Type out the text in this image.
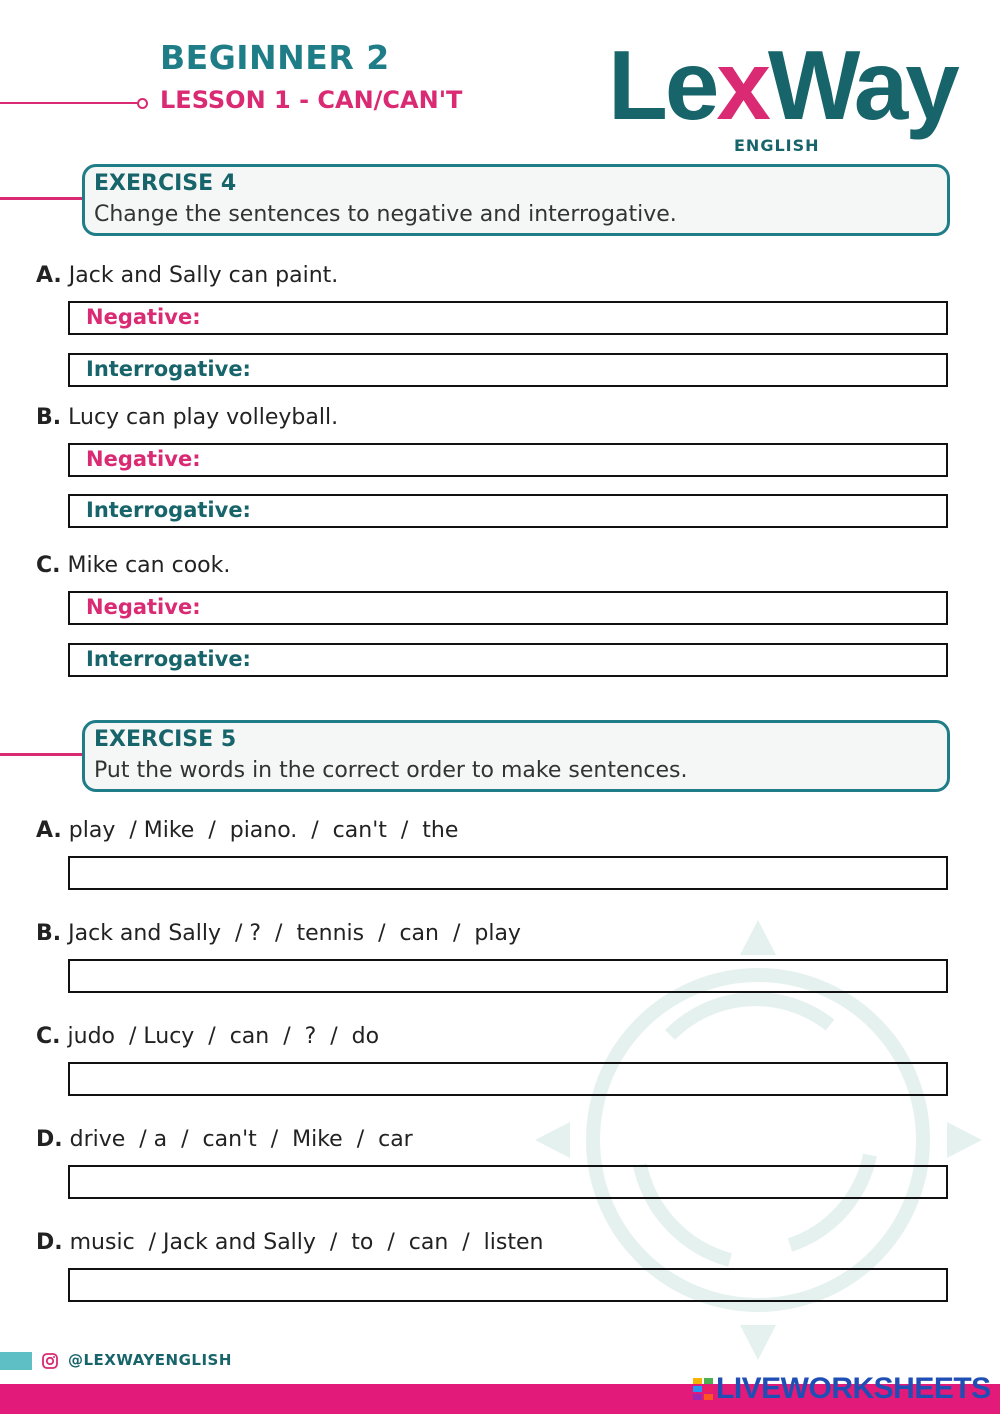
BEGINNER 2
LESSON 1 - CAN/CAN'T LexWay
ENGLISH
EXERCISE 4
Change the sentences to negative and interrogative.
A. Jack and Sally can paint.
Negative:
Interrogative:
B. Lucy can play volleyball.
Negative:
Interrogative:
C. Mike can cook.
Negative:
Interrogative:
EXERCISE 5
Put the words in the correct order to make sentences.
A. play  / Mike  /  piano.  /  can't  /  the
B. Jack and Sally  / ?  /  tennis  /  can  /  play
C. judo  / Lucy  /  can  /  ?  /  do
D. drive  / a  /  can't  /  Mike  /  car
D. music  / Jack and Sally  /  to  /  can  /  listen
@LEXWAYENGLISH
LIVEWORKSHEETS
